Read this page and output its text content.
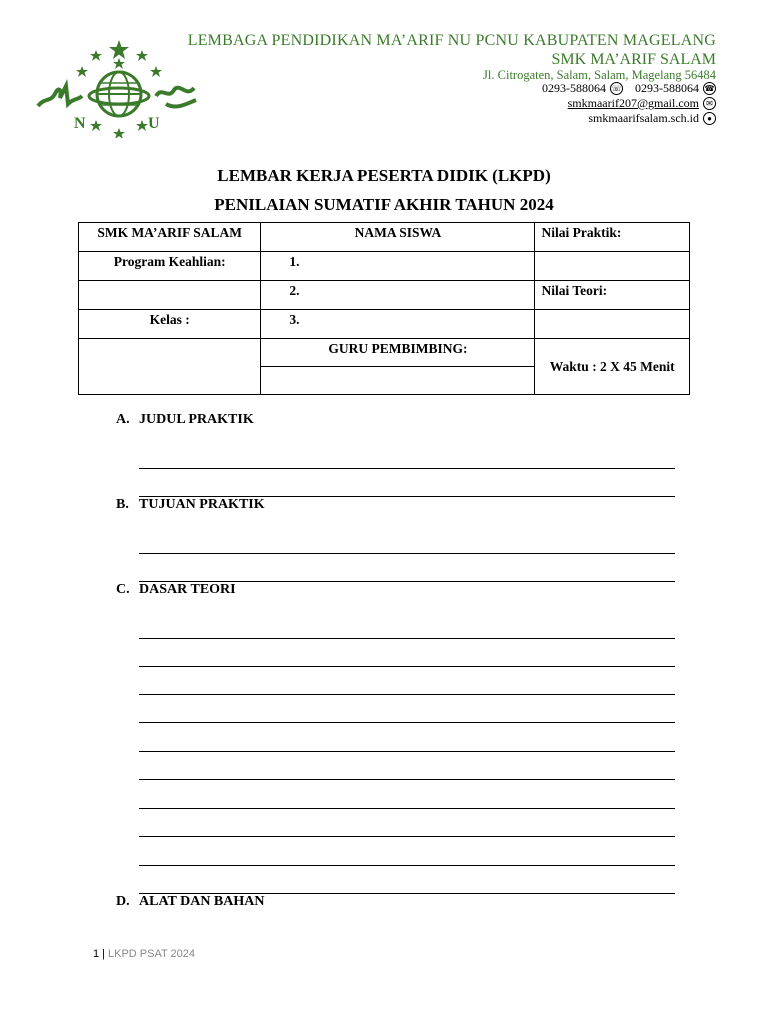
N	U
LEMBAGA PENDIDIKAN MA’ARIF NU PCNU KABUPATEN MAGELANG
SMK MA’ARIF SALAM
Jl. Citrogaten, Salam, Salam, Magelang 56484
0293-588064 ☏ 0293-588064 ☎
smkmaarif207@gmail.com ✉
smkmaarifsalam.sch.id	●
LEMBAR KERJA PESERTA DIDIK (LKPD)
PENILAIAN SUMATIF AKHIR TAHUN 2024
SMK MA’ARIF SALAM	NAMA SISWA	Nilai Praktik:
Program Keahlian:	1.	
	2.	Nilai Teori:
Kelas :	3.	
	GURU PEMBIMBING:	Waktu : 2 X 45 Menit

A. JUDUL PRAKTIK
B. TUJUAN PRAKTIK
C. DASAR TEORI
D. ALAT DAN BAHAN
1 | LKPD PSAT 2024
